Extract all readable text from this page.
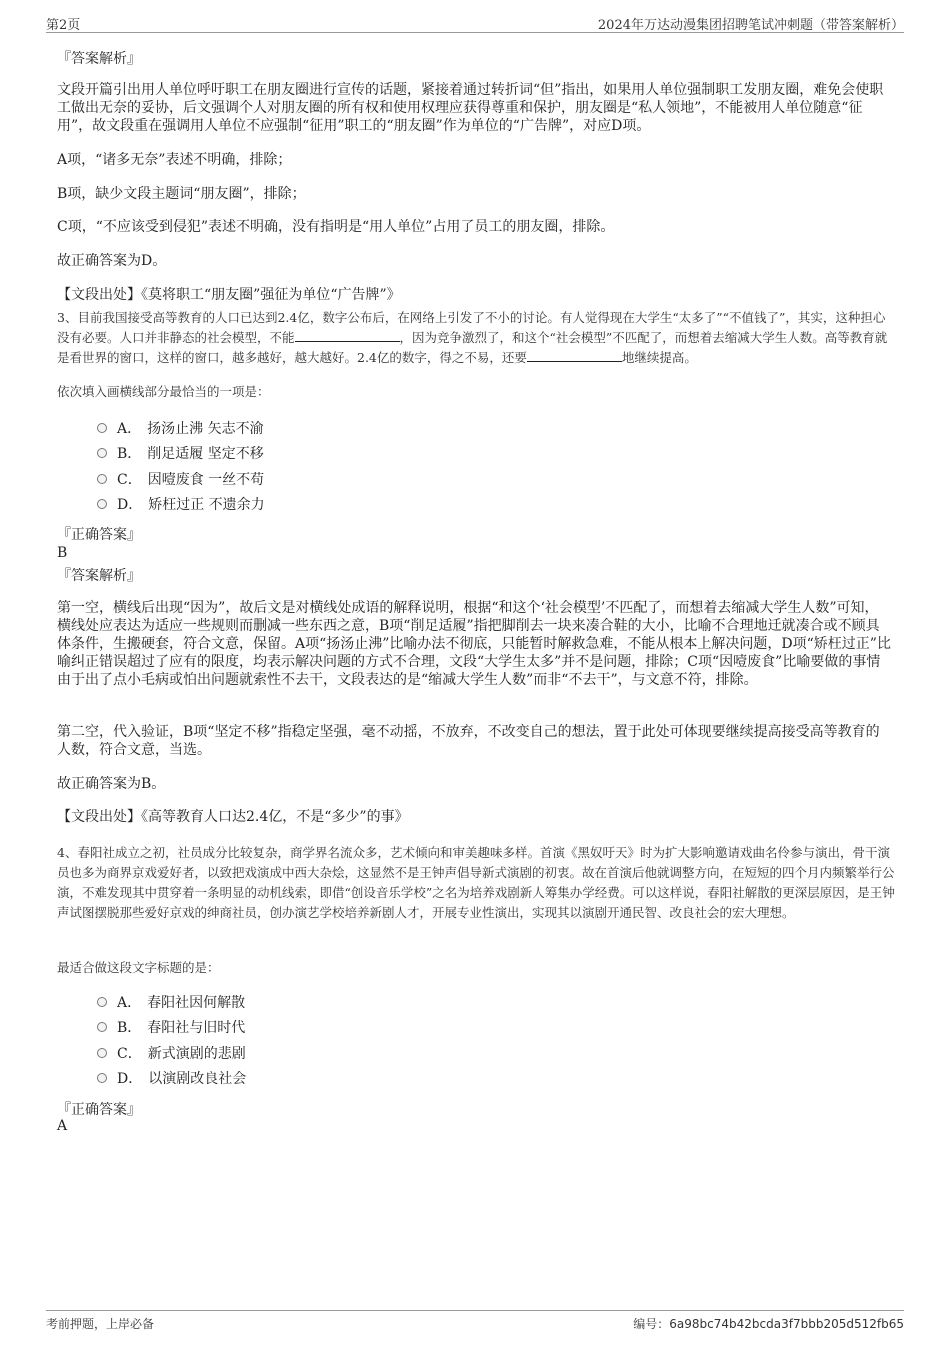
第2页	2024年万达动漫集团招聘笔试冲刺题（带答案解析）
『答案解析』
文段开篇引出用人单位呼吁职工在朋友圈进行宣传的话题，紧接着通过转折词“但”指出，如果用人单位强制职工发朋友圈，难免会使职工做出无奈的妥协，后文强调个人对朋友圈的所有权和使用权理应获得尊重和保护，朋友圈是“私人领地”，不能被用人单位随意“征用”，故文段重在强调用人单位不应强制“征用”职工的“朋友圈”作为单位的“广告牌”，对应D项。
A项，“诸多无奈”表述不明确，排除；
B项，缺少文段主题词“朋友圈”，排除；
C项，“不应该受到侵犯”表述不明确，没有指明是“用人单位”占用了员工的朋友圈，排除。
故正确答案为D。
【文段出处】《莫将职工“朋友圈”强征为单位“广告牌”》
3、目前我国接受高等教育的人口已达到2.4亿，数字公布后，在网络上引发了不小的讨论。有人觉得现在大学生“太多了”“不值钱了”，其实，这种担心没有必要。人口并非静态的社会模型，不能	，因为竞争激烈了，和这个“社会模型”不匹配了，而想着去缩减大学生人数。高等教育就是看世界的窗口，这样的窗口，越多越好，越大越好。2.4亿的数字，得之不易，还要	地继续提高。
依次填入画横线部分最恰当的一项是：
A． 扬汤止沸 矢志不渝
B． 削足适履 坚定不移
C． 因噎废食 一丝不苟
D． 矫枉过正 不遗余力
『正确答案』
B
『答案解析』
第一空，横线后出现“因为”，故后文是对横线处成语的解释说明，根据“和这个‘社会模型’不匹配了，而想着去缩减大学生人数”可知，横线处应表达为适应一些规则而删减一些东西之意，B项“削足适履”指把脚削去一块来凑合鞋的大小，比喻不合理地迁就凑合或不顾具体条件，生搬硬套，符合文意，保留。A项“扬汤止沸”比喻办法不彻底，只能暂时解救急难，不能从根本上解决问题，D项“矫枉过正”比喻纠正错误超过了应有的限度，均表示解决问题的方式不合理，文段“大学生太多”并不是问题，排除；C项“因噎废食”比喻要做的事情由于出了点小毛病或怕出问题就索性不去干，文段表达的是“缩减大学生人数”而非“不去干”，与文意不符，排除。
第二空，代入验证，B项“坚定不移”指稳定坚强，毫不动摇，不放弃，不改变自己的想法，置于此处可体现要继续提高接受高等教育的人数，符合文意，当选。
故正确答案为B。
【文段出处】《高等教育人口达2.4亿，不是“多少”的事》
4、春阳社成立之初，社员成分比较复杂，商学界名流众多，艺术倾向和审美趣味多样。首演《黑奴吁天》时为扩大影响邀请戏曲名伶参与演出，骨干演员也多为商界京戏爱好者，以致把戏演成中西大杂烩，这显然不是王钟声倡导新式演剧的初衷。故在首演后他就调整方向，在短短的四个月内频繁举行公演，不难发现其中贯穿着一条明显的动机线索，即借“创设音乐学校”之名为培养戏剧新人筹集办学经费。可以这样说，春阳社解散的更深层原因，是王钟声试图摆脱那些爱好京戏的绅商社员，创办演艺学校培养新剧人才，开展专业性演出，实现其以演剧开通民智、改良社会的宏大理想。
最适合做这段文字标题的是：
A． 春阳社因何解散
B． 春阳社与旧时代
C． 新式演剧的悲剧
D． 以演剧改良社会
『正确答案』
A
考前押题，上岸必备	编号：6a98bc74b42bcda3f7bbb205d512fb65
